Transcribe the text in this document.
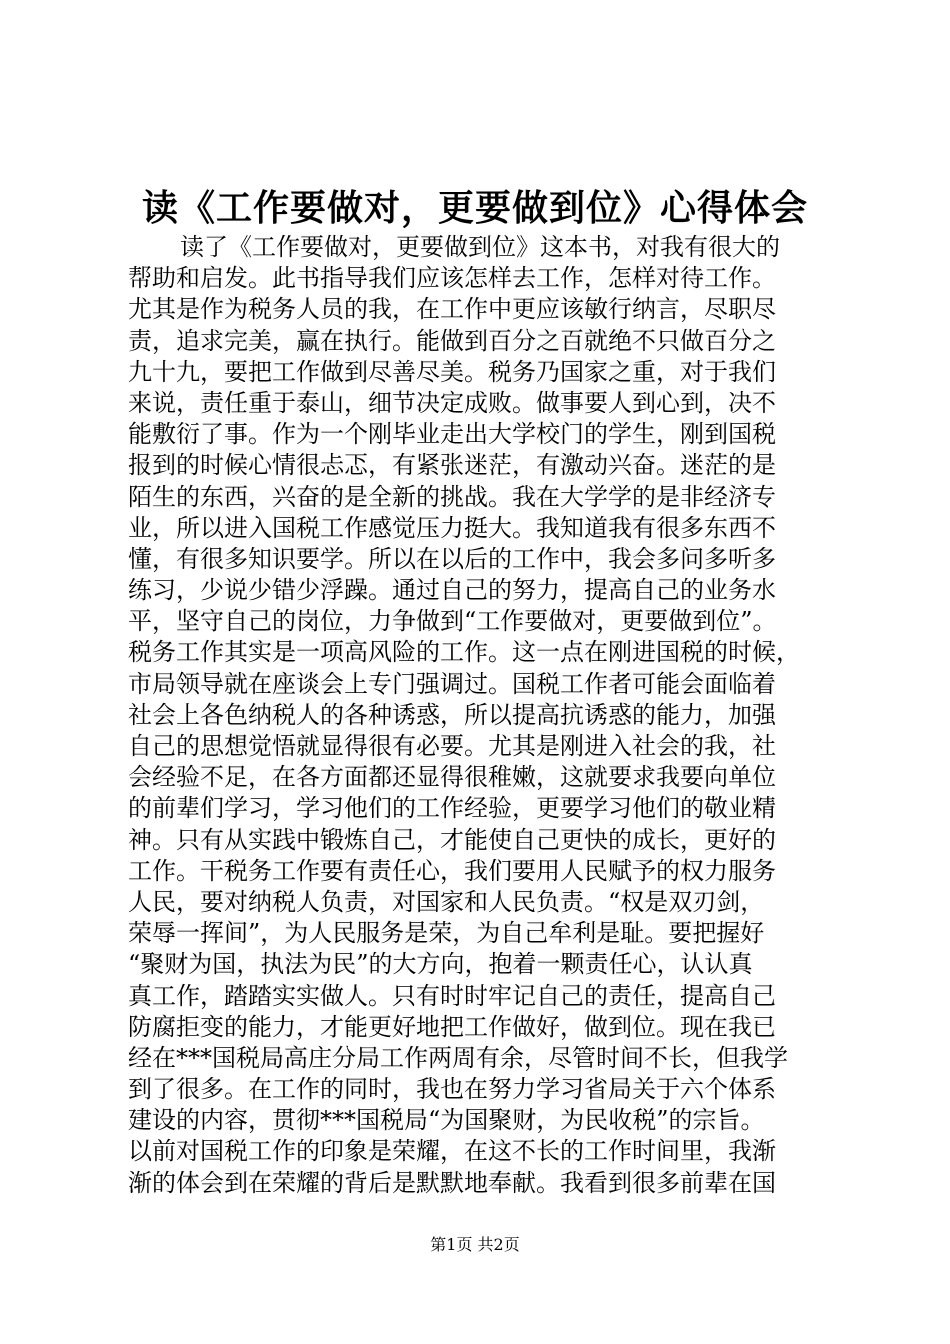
读《工作要做对，更要做到位》心得体会
读了《工作要做对，更要做到位》这本书，对我有很大的
帮助和启发。此书指导我们应该怎样去工作，怎样对待工作。
尤其是作为税务人员的我，在工作中更应该敏行纳言，尽职尽
责，追求完美，赢在执行。能做到百分之百就绝不只做百分之
九十九，要把工作做到尽善尽美。税务乃国家之重，对于我们
来说，责任重于泰山，细节决定成败。做事要人到心到，决不
能敷衍了事。作为一个刚毕业走出大学校门的学生，刚到国税
报到的时候心情很忐忑，有紧张迷茫，有激动兴奋。迷茫的是
陌生的东西，兴奋的是全新的挑战。我在大学学的是非经济专
业，所以进入国税工作感觉压力挺大。我知道我有很多东西不
懂，有很多知识要学。所以在以后的工作中，我会多问多听多
练习，少说少错少浮躁。通过自己的努力，提高自己的业务水
平，坚守自己的岗位，力争做到“工作要做对，更要做到位”。
税务工作其实是一项高风险的工作。这一点在刚进国税的时候，
市局领导就在座谈会上专门强调过。国税工作者可能会面临着
社会上各色纳税人的各种诱惑，所以提高抗诱惑的能力，加强
自己的思想觉悟就显得很有必要。尤其是刚进入社会的我，社
会经验不足，在各方面都还显得很稚嫩，这就要求我要向单位
的前辈们学习，学习他们的工作经验，更要学习他们的敬业精
神。只有从实践中锻炼自己，才能使自己更快的成长，更好的
工作。干税务工作要有责任心，我们要用人民赋予的权力服务
人民，要对纳税人负责，对国家和人民负责。“权是双刃剑，
荣辱一挥间”，为人民服务是荣，为自己牟利是耻。要把握好
“聚财为国，执法为民”的大方向，抱着一颗责任心，认认真
真工作，踏踏实实做人。只有时时牢记自己的责任，提高自己
防腐拒变的能力，才能更好地把工作做好，做到位。现在我已
经在***国税局高庄分局工作两周有余，尽管时间不长，但我学
到了很多。在工作的同时，我也在努力学习省局关于六个体系
建设的内容，贯彻***国税局“为国聚财，为民收税”的宗旨。
以前对国税工作的印象是荣耀，在这不长的工作时间里，我渐
渐的体会到在荣耀的背后是默默地奉献。我看到很多前辈在国
第1页 共2页
